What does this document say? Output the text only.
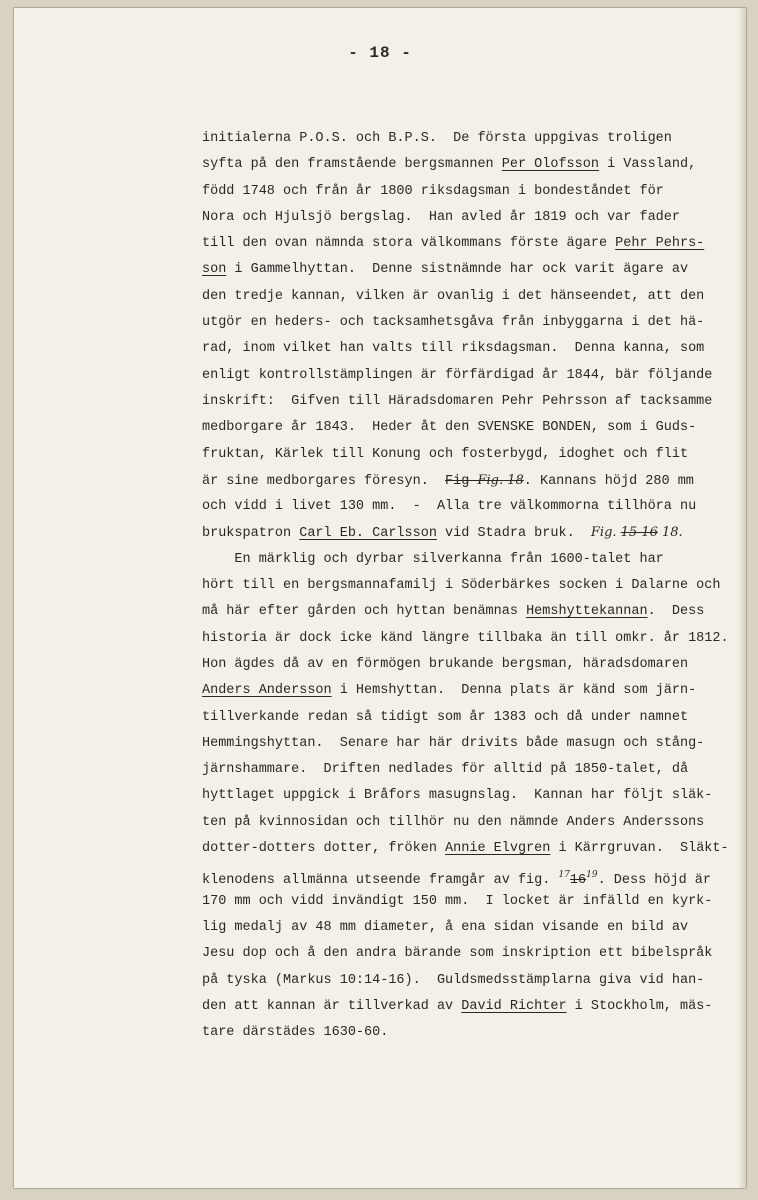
- 18 -
initialerna P.O.S. och B.P.S.  De första uppgivas troligen
syfta på den framstående bergsmannen Per Olofsson i Vassland,
född 1748 och från år 1800 riksdagsman i bondeståndet för
Nora och Hjulsjö bergslag.  Han avled år 1819 och var fader
till den ovan nämnda stora välkommans förste ägare Pehr Pehrs-
son i Gammelhyttan.  Denne sistnämnde har ock varit ägare av
den tredje kannan, vilken är ovanlig i det hänseendet, att den
utgör en heders- och tacksamhetsgåva från inbyggarna i det hä-
rad, inom vilket han valts till riksdagsman.  Denna kanna, som
enligt kontrollstämplingen är förfärdigad år 1844, bär följande
inskrift:  Gifven till Häradsdomaren Pehr Pehrsson af tacksamme
medborgare år 1843.  Heder åt den SVENSKE BONDEN, som i Guds-
fruktan, Kärlek till Konung och fosterbygd, idoghet och flit
är sine medborgares föresyn.  Fig Fig. 18. Kannans höjd 280 mm
och vidd i livet 130 mm.  -  Alla tre välkommorna tillhöra nu
brukspatron Carl Eb. Carlsson vid Stadra bruk.  Fig. 15 16 18.
En märklig och dyrbar silverkanna från 1600-talet har
hört till en bergsmannafamilj i Söderbärkes socken i Dalarne och
må här efter gården och hyttan benämnas Hemshyttekannan.  Dess
historia är dock icke känd längre tillbaka än till omkr. år 1812.
Hon ägdes då av en förmögen brukande bergsman, häradsdomaren
Anders Andersson i Hemshyttan.  Denna plats är känd som järn-
tillverkande redan så tidigt som år 1383 och då under namnet
Hemmingshyttan.  Senare har här drivits både masugn och stång-
järnshammare.  Driften nedlades för alltid på 1850-talet, då
hyttlaget uppgick i Bråfors masugnslag.  Kannan har följt släk-
ten på kvinnosidan och tillhör nu den nämnde Anders Anderssons
dotter-dotters dotter, fröken Annie Elvgren i Kärrgruvan.  Släkt-
klenodens allmänna utseende framgår av fig. $^{17}16^{19}$. Dess höjd är
170 mm och vidd invändigt 150 mm.  I locket är infälld en kyrk-
lig medalj av 48 mm diameter, å ena sidan visande en bild av
Jesu dop och å den andra bärande som inskription ett bibelspråk
på tyska (Markus 10:14-16).  Guldsmedsstämplarna giva vid han-
den att kannan är tillverkad av David Richter i Stockholm, mäs-
tare därstädes 1630-60.
